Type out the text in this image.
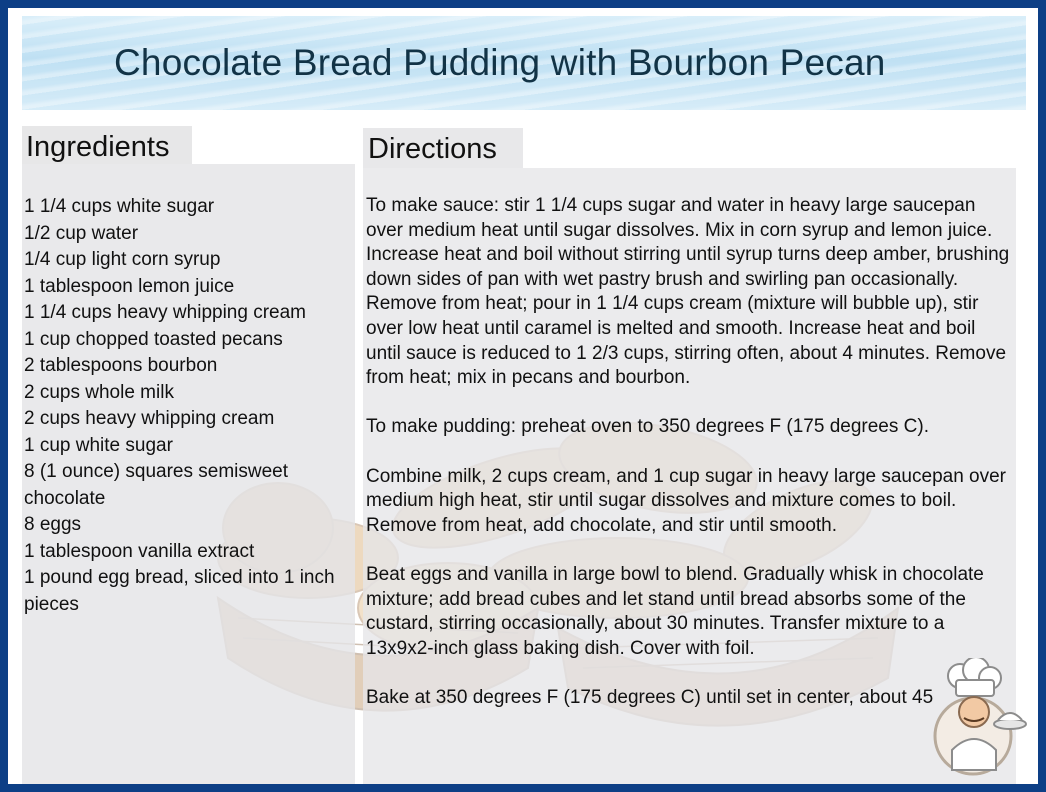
Chocolate Bread Pudding with Bourbon Pecan
Ingredients
1 1/4 cups white sugar
1/2 cup water
1/4 cup light corn syrup
1 tablespoon lemon juice
1 1/4 cups heavy whipping cream
1 cup chopped toasted pecans
2 tablespoons bourbon
2 cups whole milk
2 cups heavy whipping cream
1 cup white sugar
8 (1 ounce) squares semisweet chocolate
8 eggs
1 tablespoon vanilla extract
1 pound egg bread, sliced into 1 inch pieces
Directions

To make sauce: stir 1 1/4 cups sugar and water in heavy large saucepan over medium heat until sugar dissolves. Mix in corn syrup and lemon juice. Increase heat and boil without stirring until syrup turns deep amber, brushing down sides of pan with wet pastry brush and swirling pan occasionally. Remove from heat; pour in 1 1/4 cups cream (mixture will bubble up), stir over low heat until caramel is melted and smooth. Increase heat and boil until sauce is reduced to 1 2/3 cups, stirring often, about 4 minutes. Remove from heat; mix in pecans and bourbon.

To make pudding: preheat oven to 350 degrees F (175 degrees C).

Combine milk, 2 cups cream, and 1 cup sugar in heavy large saucepan over medium high heat, stir until sugar dissolves and mixture comes to boil. Remove from heat, add chocolate, and stir until smooth.

Beat eggs and vanilla in large bowl to blend. Gradually whisk in chocolate mixture; add bread cubes and let stand until bread absorbs some of the custard, stirring occasionally, about 30 minutes. Transfer mixture to a 13x9x2-inch glass baking dish. Cover with foil.

Bake at 350 degrees F (175 degrees C) until set in center, about 45
